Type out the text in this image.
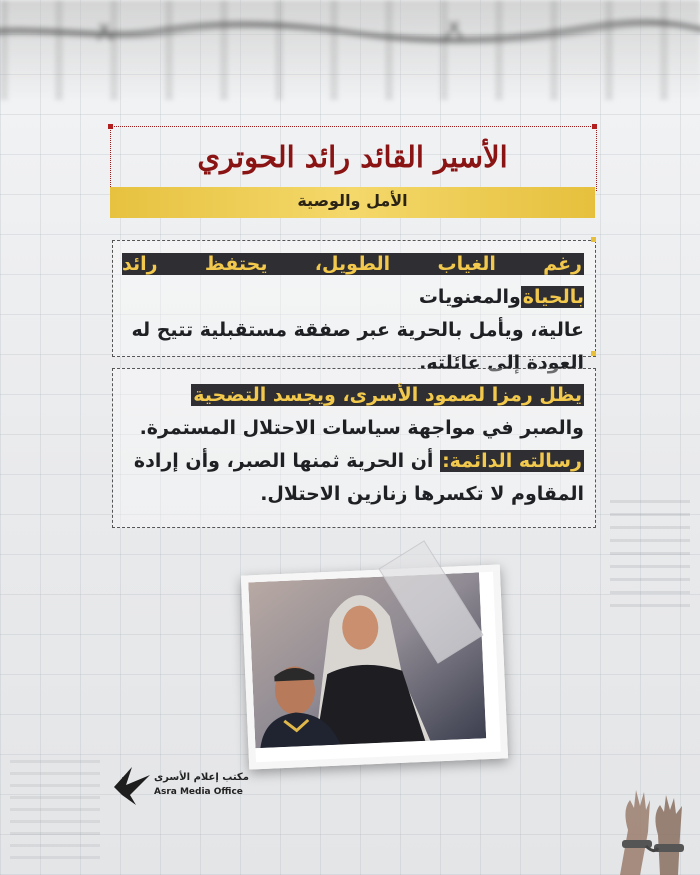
الأسير القائد رائد الحوتري
الأمل والوصية
رغم الغياب الطويل، يحتفظ رائد بالحياةوالمعنويات
عالية، ويأمل بالحرية عبر صفقة مستقبلية تتيح له
العودة إلى عائلته.
يظل رمزا لصمود الأسرى، ويجسد التضحية
والصبر في مواجهة سياسات الاحتلال المستمرة.
رسالته الدائمة: أن الحرية ثمنها الصبر، وأن إرادة
المقاوم لا تكسرها زنازين الاحتلال.
مكتب إعلام الأسرى
Asra Media Office
